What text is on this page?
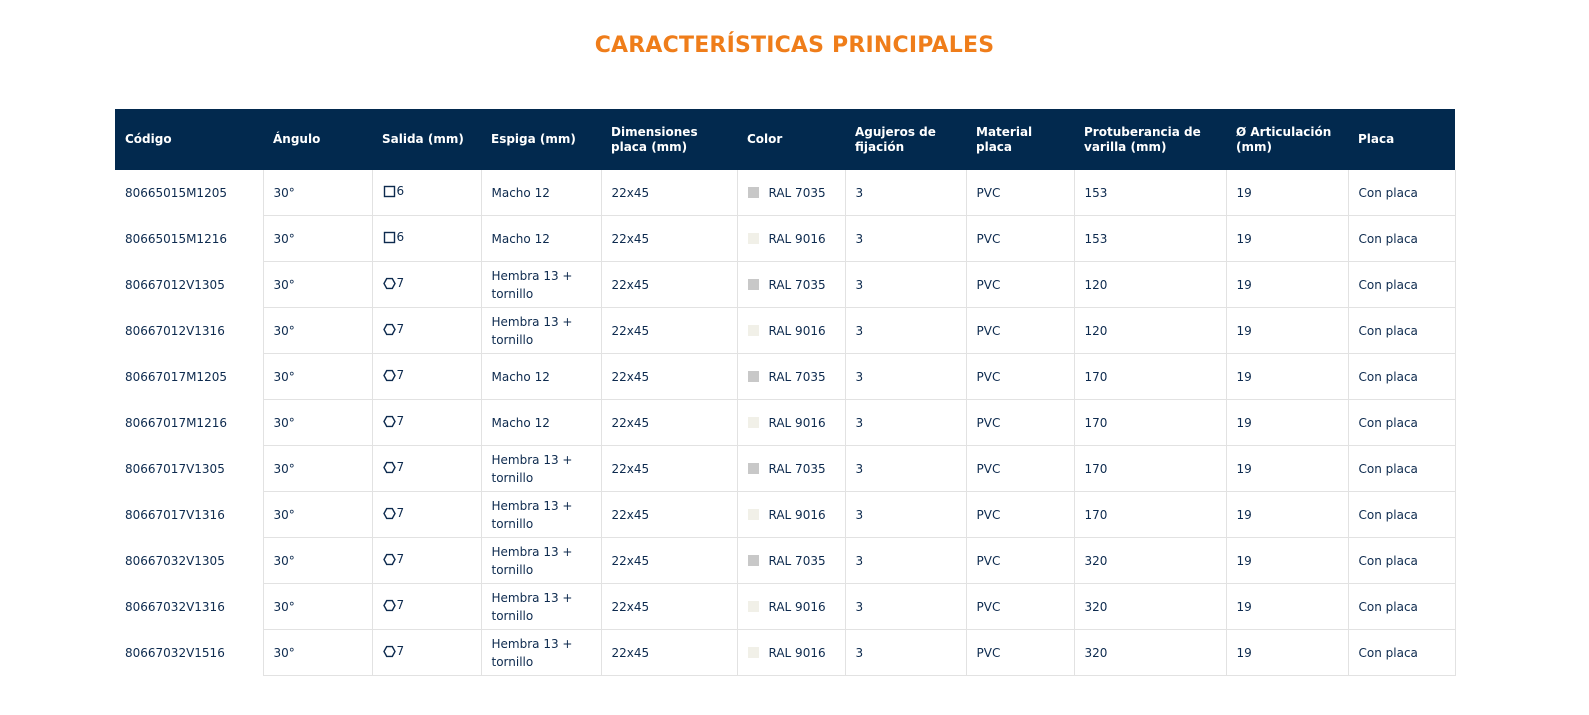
CARACTERÍSTICAS PRINCIPALES
Código	Ángulo	Salida (mm)	Espiga (mm)	Dimensiones placa (mm)	Color	Agujeros de fijación	Material placa	Protuberancia de varilla (mm)	Ø Articulación (mm)	Placa
80665015M1205	30°	6	Macho 12	22x45	RAL 7035	3	PVC	153	19	Con placa
80665015M1216	30°	6	Macho 12	22x45	RAL 9016	3	PVC	153	19	Con placa
80667012V1305	30°	7	Hembra 13 + tornillo	22x45	RAL 7035	3	PVC	120	19	Con placa
80667012V1316	30°	7	Hembra 13 + tornillo	22x45	RAL 9016	3	PVC	120	19	Con placa
80667017M1205	30°	7	Macho 12	22x45	RAL 7035	3	PVC	170	19	Con placa
80667017M1216	30°	7	Macho 12	22x45	RAL 9016	3	PVC	170	19	Con placa
80667017V1305	30°	7	Hembra 13 + tornillo	22x45	RAL 7035	3	PVC	170	19	Con placa
80667017V1316	30°	7	Hembra 13 + tornillo	22x45	RAL 9016	3	PVC	170	19	Con placa
80667032V1305	30°	7	Hembra 13 + tornillo	22x45	RAL 7035	3	PVC	320	19	Con placa
80667032V1316	30°	7	Hembra 13 + tornillo	22x45	RAL 9016	3	PVC	320	19	Con placa
80667032V1516	30°	7	Hembra 13 + tornillo	22x45	RAL 9016	3	PVC	320	19	Con placa
